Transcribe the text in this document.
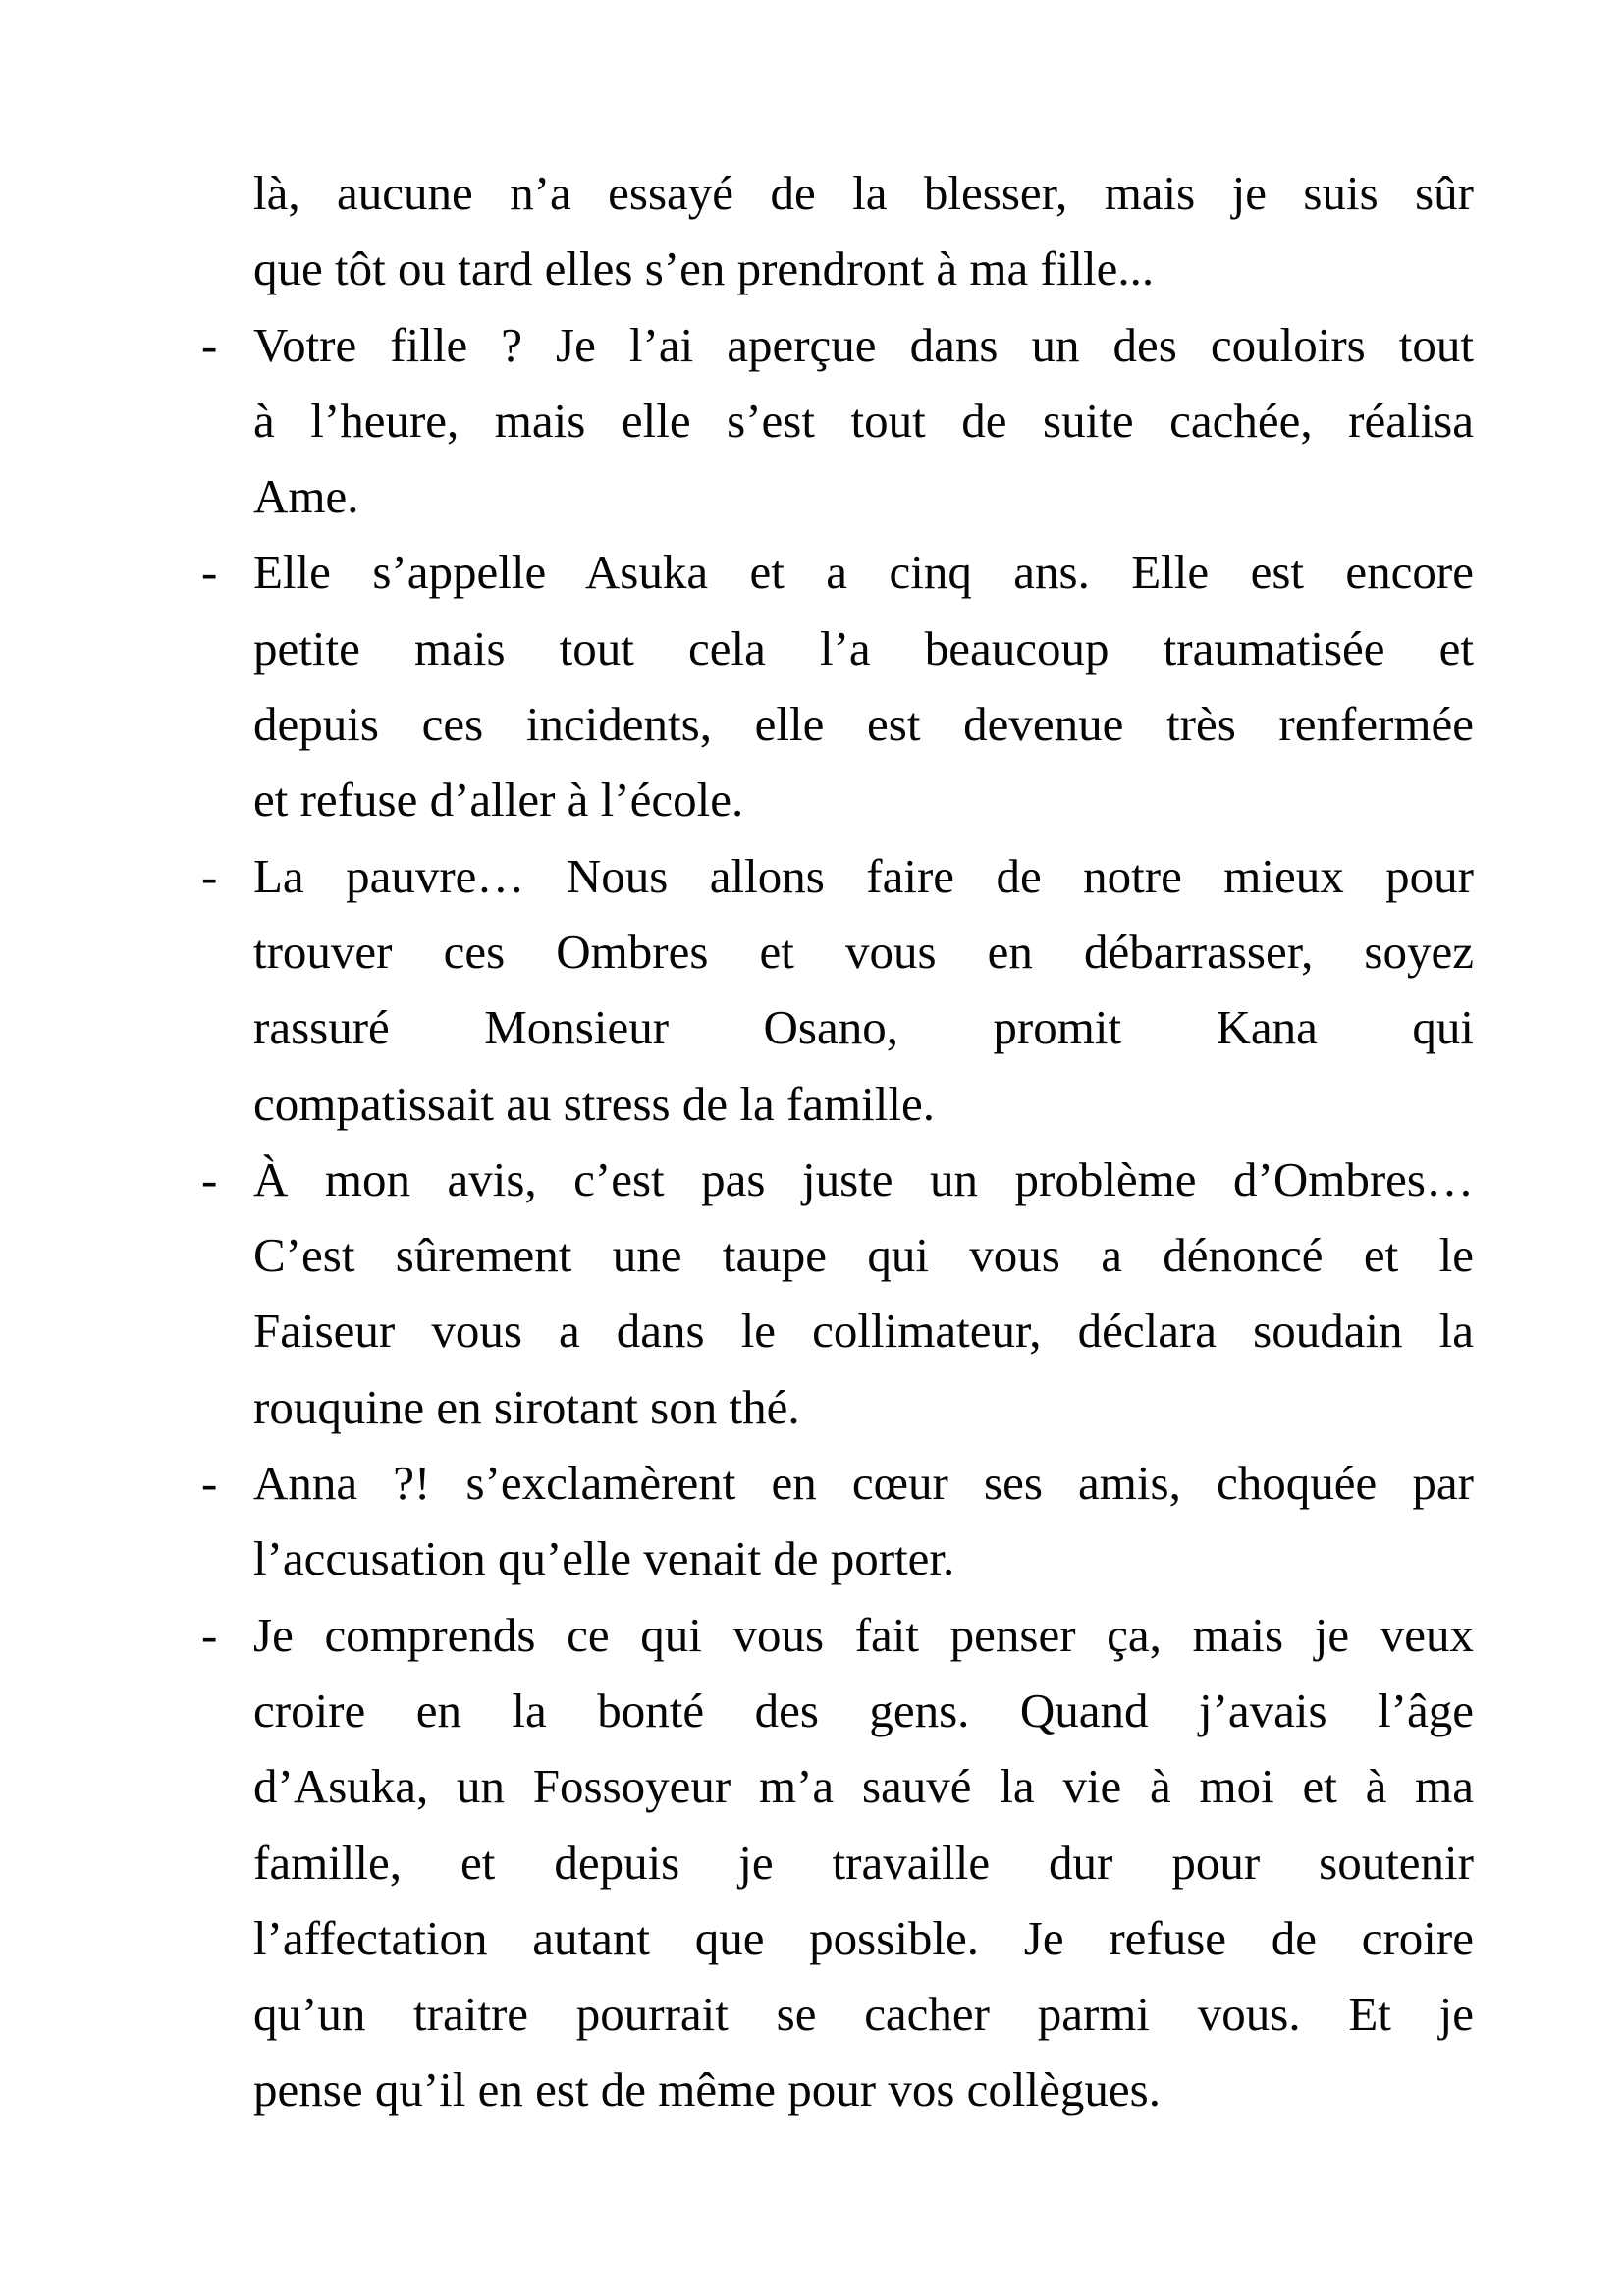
là, aucune n’a essayé de la blesser, mais je suis sûr
que tôt ou tard elles s’en prendront à ma fille...
- Votre fille ? Je l’ai aperçue dans un des couloirs tout
à l’heure, mais elle s’est tout de suite cachée, réalisa
Ame.
- Elle s’appelle Asuka et a cinq ans. Elle est encore
petite mais tout cela l’a beaucoup traumatisée et
depuis ces incidents, elle est devenue très renfermée
et refuse d’aller à l’école.
- La pauvre… Nous allons faire de notre mieux pour
trouver ces Ombres et vous en débarrasser, soyez
rassuré Monsieur Osano, promit Kana qui
compatissait au stress de la famille.
- À mon avis, c’est pas juste un problème d’Ombres…
C’est sûrement une taupe qui vous a dénoncé et le
Faiseur vous a dans le collimateur, déclara soudain la
rouquine en sirotant son thé.
- Anna ?! s’exclamèrent en cœur ses amis, choquée par
l’accusation qu’elle venait de porter.
- Je comprends ce qui vous fait penser ça, mais je veux
croire en la bonté des gens. Quand j’avais l’âge
d’Asuka, un Fossoyeur m’a sauvé la vie à moi et à ma
famille, et depuis je travaille dur pour soutenir
l’affectation autant que possible. Je refuse de croire
qu’un traitre pourrait se cacher parmi vous. Et je
pense qu’il en est de même pour vos collègues.
